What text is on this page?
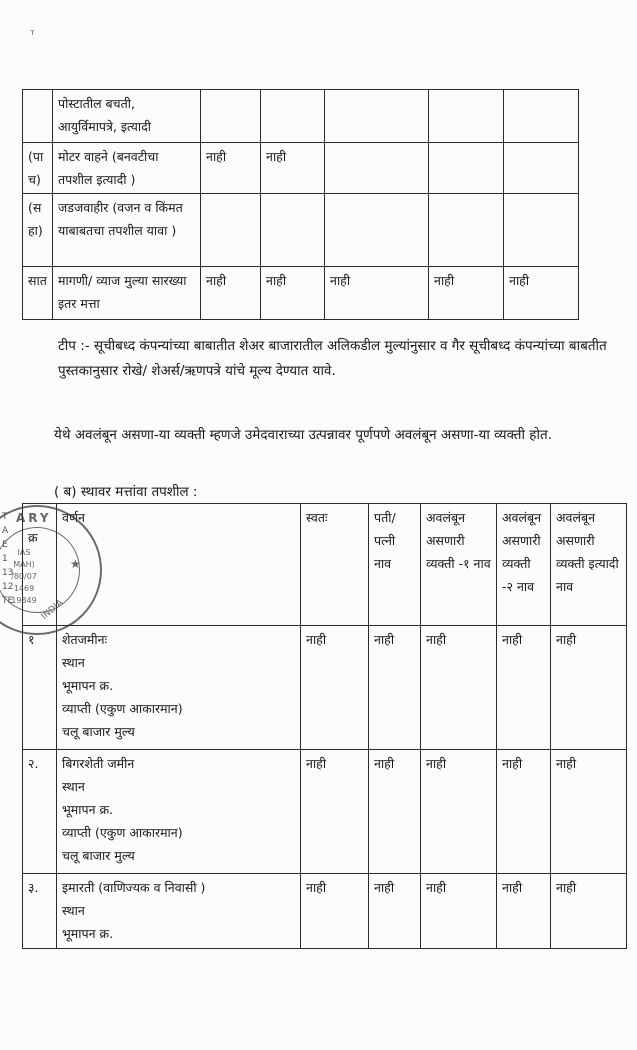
ᵀ
	पोस्टातील बचती, आयुर्विमापत्रे, इत्यादी					
(पाच)	मोटर वाहने (बनवटीचा तपशील इत्यादी )	नाही	नाही			
(सहा)	जडजवाहीर (वजन व किंमत याबाबतचा तपशील यावा )					
सात	मागणी/ व्याज मुल्या सारख्या इतर मत्ता	नाही	नाही	नाही	नाही	नाही
टीप :- सूचीबध्द कंपन्यांच्या बाबातीत शेअर बाजारातील अलिकडील मुल्यांनुसार व गैर सूचीबध्द कंपन्यांच्या बाबतीत पुस्तकानुसार रोखे/ शेअर्स/ऋणपत्रे यांचे मूल्य देण्यात यावे.
येथे अवलंबून असणा-या व्यक्ती म्हणजे उमेदवाराच्या उत्पन्नावर पूर्णपणे अवलंबून असणा-या व्यक्ती होत.
( ब) स्थावर मत्तांवा तपशील :
क्र	वर्णन	स्वतः	पती/ पत्नी नाव	अवलंबून असणारी व्यक्ती -१ नाव	अवलंबून असणारी व्यक्ती -२ नाव	अवलंबून असणारी व्यक्ती इत्यादी नाव
१	शेतजमीनः
स्थान
भूमापन क्र.
व्याप्ती (एकुण आकारमान)
चलू बाजार मुल्य	नाही	नाही	नाही	नाही	नाही
२.	बिगरशेती जमीन
स्थान
भूमापन क्र.
व्याप्ती (एकुण आकारमान)
चलू बाजार मुल्य	नाही	नाही	नाही	नाही	नाही
३.	इमारती (वाणिज्यक व निवासी )
स्थान
भूमापन क्र.	नाही	नाही	नाही	नाही	नाही
ARY
IAS
MAH)
/80/07
1469
19849
★
INDIA
T
A
E
1
13
12
TE
